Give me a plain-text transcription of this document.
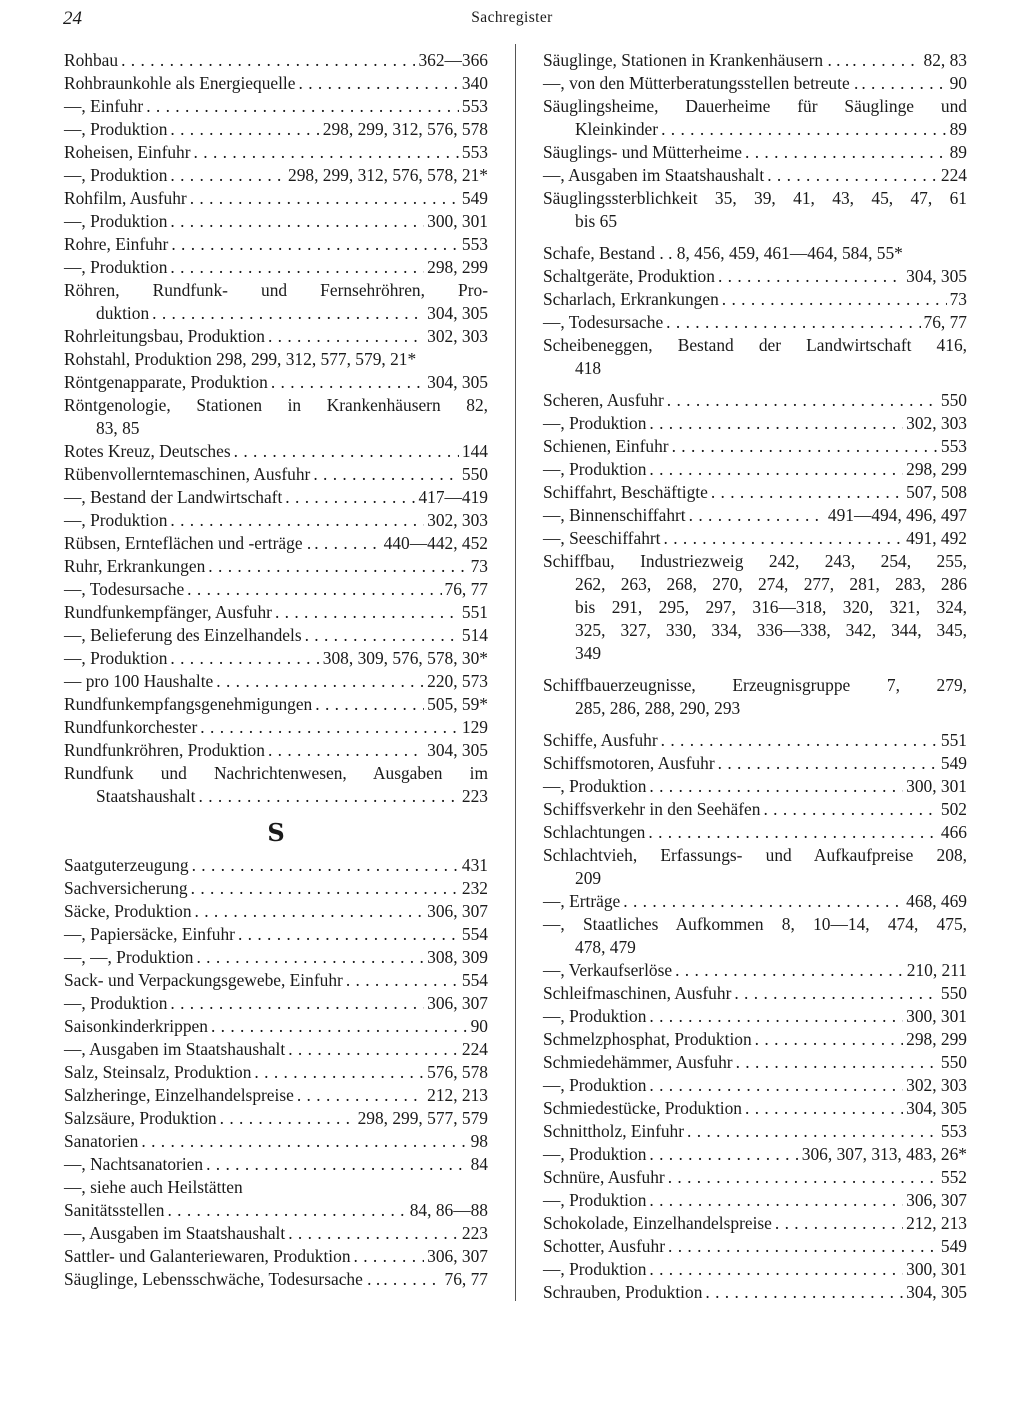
24	Sachregister
Rohbau . . .	362—366
Rohbraunkohle als Energiequelle . . .	340
—, Einfuhr . . .	553
—, Produktion . . .	298, 299, 312, 576, 578
Roheisen, Einfuhr . . .	553
—, Produktion . . .	298, 299, 312, 576, 578, 21*
Rohfilm, Ausfuhr . . .	549
—, Produktion . . .	300, 301
Rohre, Einfuhr . . .	553
—, Produktion . . .	298, 299
Röhren, Rundfunk- und Fernsehröhren, Pro-
duktion . . .	304, 305
Rohrleitungsbau, Produktion . . .	302, 303
Rohstahl, Produktion 298, 299, 312, 577, 579, 21*
Röntgenapparate, Produktion . . .	304, 305
Röntgenologie, Stationen in Krankenhäusern 82,
83, 85
Rotes Kreuz, Deutsches . . .	144
Rübenvollerntemaschinen, Ausfuhr . . .	550
—, Bestand der Landwirtschaft . . .	417—419
—, Produktion . . .	302, 303
Rübsen, Ernteflächen und -erträge . . . .	440—442, 452
Ruhr, Erkrankungen . . .	73
—, Todesursache . . .	76, 77
Rundfunkempfänger, Ausfuhr . . .	551
—, Belieferung des Einzelhandels . . .	514
—, Produktion . . .	308, 309, 576, 578, 30*
— pro 100 Haushalte . . .	220, 573
Rundfunkempfangsgenehmigungen . . .	505, 59*
Rundfunkorchester . . .	129
Rundfunkröhren, Produktion . . .	304, 305
Rundfunk und Nachrichtenwesen, Ausgaben im
Staatshaushalt . . .	223
S
Saatguterzeugung . . .	431
Sachversicherung . . .	232
Säcke, Produktion . . .	306, 307
—, Papiersäcke, Einfuhr . . .	554
—, —, Produktion . . .	308, 309
Sack- und Verpackungsgewebe, Einfuhr . . .	554
—, Produktion . . .	306, 307
Saisonkinderkrippen . . .	90
—, Ausgaben im Staatshaushalt . . .	224
Salz, Steinsalz, Produktion . . .	576, 578
Salzheringe, Einzelhandelspreise . . .	212, 213
Salzsäure, Produktion . . .	298, 299, 577, 579
Sanatorien . . .	98
—, Nachtsanatorien . . .	84
—, siehe auch Heilstätten
Sanitätsstellen . . .	84, 86—88
—, Ausgaben im Staatshaushalt . . .	223
Sattler- und Galanteriewaren, Produktion . . .	306, 307
Säuglinge, Lebensschwäche, Todesursache . . . . .	76, 77
Säuglinge, Stationen in Krankenhäusern . . . . . .	82, 83
—, von den Mütterberatungsstellen betreute . . . .	90
Säuglingsheime, Dauerheime für Säuglinge und
Kleinkinder . . .	89
Säuglings- und Mütterheime . . .	89
—, Ausgaben im Staatshaushalt . . .	224
Säuglingssterblichkeit 35, 39, 41, 43, 45, 47, 61
bis 65
Schafe, Bestand . . 8, 456, 459, 461—464, 584, 55*
Schaltgeräte, Produktion . . .	304, 305
Scharlach, Erkrankungen . . .	73
—, Todesursache . . .	76, 77
Scheibeneggen, Bestand der Landwirtschaft 416,
418
Scheren, Ausfuhr . . .	550
—, Produktion . . .	302, 303
Schienen, Einfuhr . . .	553
—, Produktion . . .	298, 299
Schiffahrt, Beschäftigte . . .	507, 508
—, Binnenschiffahrt . . .	491—494, 496, 497
—, Seeschiffahrt . . .	491, 492
Schiffbau, Industriezweig 242, 243, 254, 255,
262, 263, 268, 270, 274, 277, 281, 283, 286
bis 291, 295, 297, 316—318, 320, 321, 324,
325, 327, 330, 334, 336—338, 342, 344, 345,
349
Schiffbauerzeugnisse, Erzeugnisgruppe 7, 279,
285, 286, 288, 290, 293
Schiffe, Ausfuhr . . .	551
Schiffsmotoren, Ausfuhr . . .	549
—, Produktion . . .	300, 301
Schiffsverkehr in den Seehäfen . . .	502
Schlachtungen . . .	466
Schlachtvieh, Erfassungs- und Aufkaufpreise 208,
209
—, Erträge . . .	468, 469
—, Staatliches Aufkommen 8, 10—14, 474, 475,
478, 479
—, Verkaufserlöse . . .	210, 211
Schleifmaschinen, Ausfuhr . . .	550
—, Produktion . . .	300, 301
Schmelzphosphat, Produktion . . .	298, 299
Schmiedehämmer, Ausfuhr . . .	550
—, Produktion . . .	302, 303
Schmiedestücke, Produktion . . .	304, 305
Schnittholz, Einfuhr . . .	553
—, Produktion . . .	306, 307, 313, 483, 26*
Schnüre, Ausfuhr . . .	552
—, Produktion . . .	306, 307
Schokolade, Einzelhandelspreise . . .	212, 213
Schotter, Ausfuhr . . .	549
—, Produktion . . .	300, 301
Schrauben, Produktion . . .	304, 305
